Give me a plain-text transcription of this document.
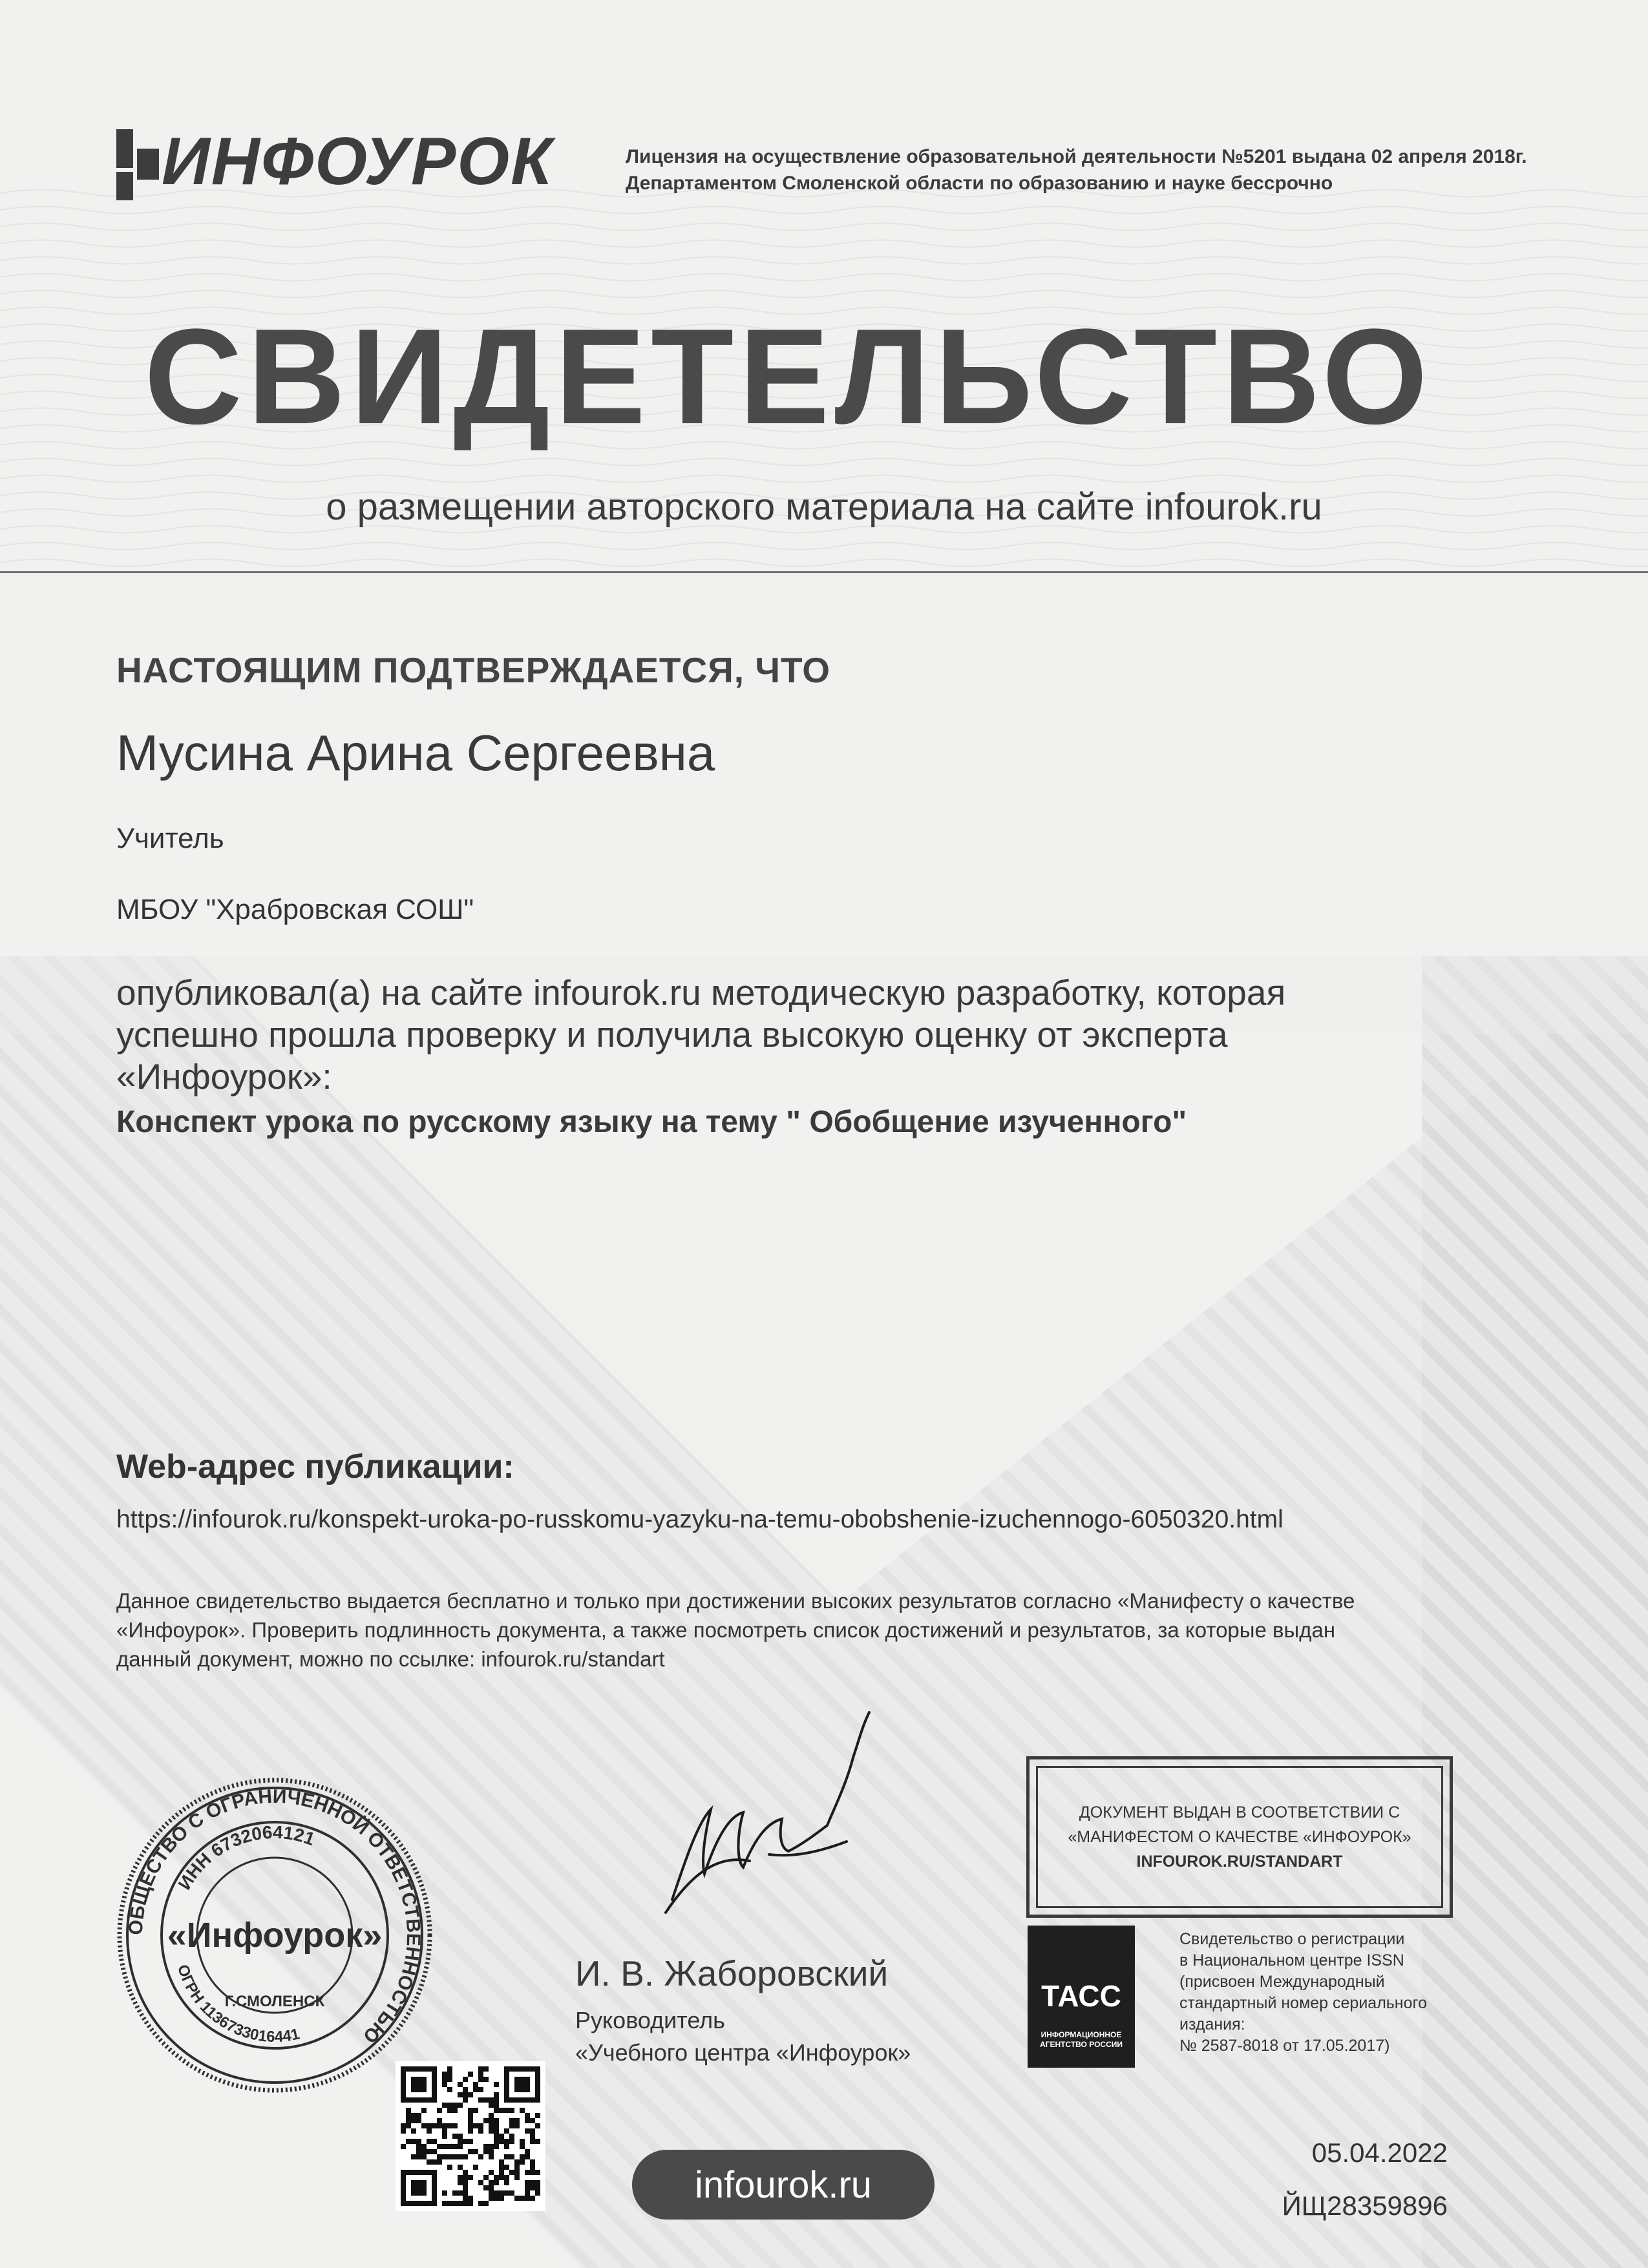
ИНФОУРОК	Лицензия на осуществление образовательной деятельности №5201 выдана 02 апреля 2018г.
Департаментом Смоленской области по образованию и науке бессрочно
СВИДЕТЕЛЬСТВО
о размещении авторского материала на сайте infourok.ru
НАСТОЯЩИМ ПОДТВЕРЖДАЕТСЯ, ЧТО
Мусина Арина Сергеевна
Учитель
МБОУ "Храбровская СОШ"
опубликовал(а) на сайте infourok.ru методическую разработку, которая успешно прошла проверку и получила высокую оценку от эксперта «Инфоурок»:
Конспект урока по русскому языку на тему " Обобщение изученного"
Web-адрес публикации:
https://infourok.ru/konspekt-uroka-po-russkomu-yazyku-na-temu-obobshenie-izuchennogo-6050320.html
Данное свидетельство выдается бесплатно и только при достижении высоких результатов согласно «Манифесту о качестве «Инфоурок». Проверить подлинность документа, а также посмотреть список достижений и результатов, за которые выдан данный документ, можно по ссылке: infourok.ru/standart
ДОКУМЕНТ ВЫДАН В СООТВЕТСТВИИ С
«МАНИФЕСТОМ О КАЧЕСТВЕ «ИНФОУРОК»
INFOUROK.RU/STANDART
ТАСС
ИНФОРМАЦИОННОЕ
АГЕНТСТВО РОССИИ
Свидетельство о регистрации
в Национальном центре ISSN
(присвоен Международный
стандартный номер сериального
издания:
№ 2587-8018 от 17.05.2017)
И. В. Жаборовский
Руководитель
«Учебного центра «Инфоурок»
ОБЩЕСТВО С ОГРАНИЧЕННОЙ ОТВЕТСТВЕННОСТЬЮ
ИНН 6732064121
ОГРН 1136733016441
«Инфоурок»
Г.СМОЛЕНСК
infourok.ru
05.04.2022
ЙЩ28359896
